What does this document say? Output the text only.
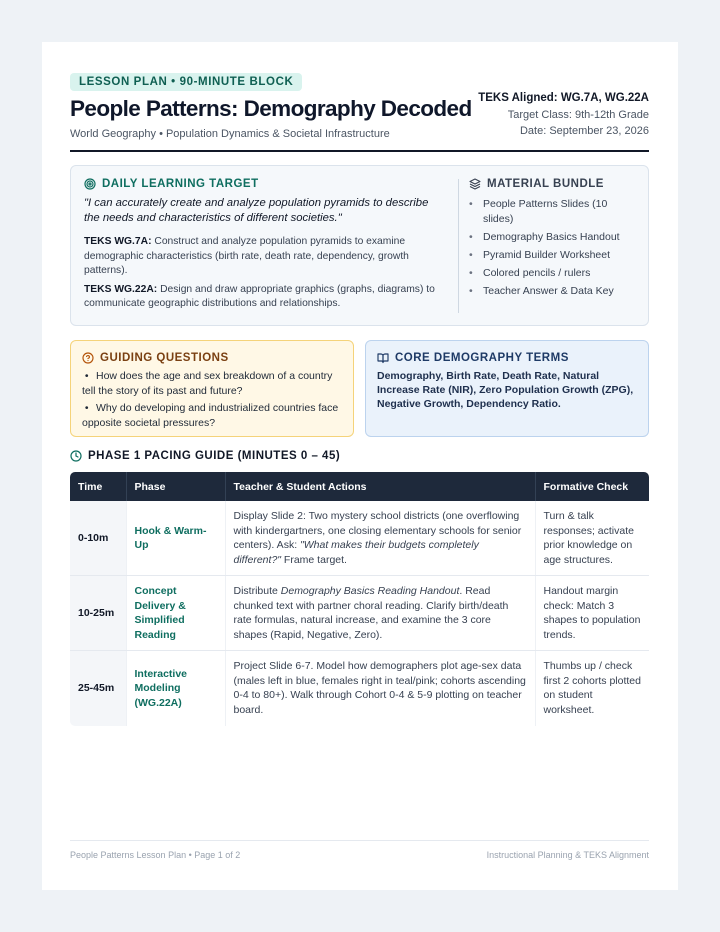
LESSON PLAN • 90-MINUTE BLOCK
People Patterns: Demography Decoded
World Geography • Population Dynamics & Societal Infrastructure
TEKS Aligned: WG.7A, WG.22A
Target Class: 9th-12th Grade
Date: September 23, 2026
DAILY LEARNING TARGET
"I can accurately create and analyze population pyramids to describe the needs and characteristics of different societies."
TEKS WG.7A: Construct and analyze population pyramids to examine demographic characteristics (birth rate, death rate, dependency, growth patterns).
TEKS WG.22A: Design and draw appropriate graphics (graphs, diagrams) to communicate geographic distributions and relationships.
MATERIAL BUNDLE
• People Patterns Slides (10 slides)
• Demography Basics Handout
• Pyramid Builder Worksheet
• Colored pencils / rulers
• Teacher Answer & Data Key
GUIDING QUESTIONS
• How does the age and sex breakdown of a country tell the story of its past and future?
• Why do developing and industrialized countries face opposite societal pressures?
CORE DEMOGRAPHY TERMS

Demography, Birth Rate, Death Rate, Natural Increase Rate (NIR), Zero Population Growth (ZPG), Negative Growth, Dependency Ratio.

PHASE 1 PACING GUIDE (MINUTES 0 – 45)
Time	Phase	Teacher & Student Actions	Formative Check
0-10m	Hook & Warm-Up	Display Slide 2: Two mystery school districts (one overflowing with kindergartners, one closing elementary schools for senior centers). Ask: "What makes their budgets completely different?" Frame target.	Turn & talk responses; activate prior knowledge on age structures.
10-25m	Concept Delivery & Simplified Reading	Distribute Demography Basics Reading Handout. Read chunked text with partner choral reading. Clarify birth/death rate formulas, natural increase, and examine the 3 core shapes (Rapid, Negative, Zero).	Handout margin check: Match 3 shapes to population trends.
25-45m	Interactive Modeling (WG.22A)	Project Slide 6-7. Model how demographers plot age-sex data (males left in blue, females right in teal/pink; cohorts ascending 0-4 to 80+). Walk through Cohort 0-4 & 5-9 plotting on teacher board.	Thumbs up / check first 2 cohorts plotted on student worksheet.
People Patterns Lesson Plan • Page 1 of 2	Instructional Planning & TEKS Alignment
